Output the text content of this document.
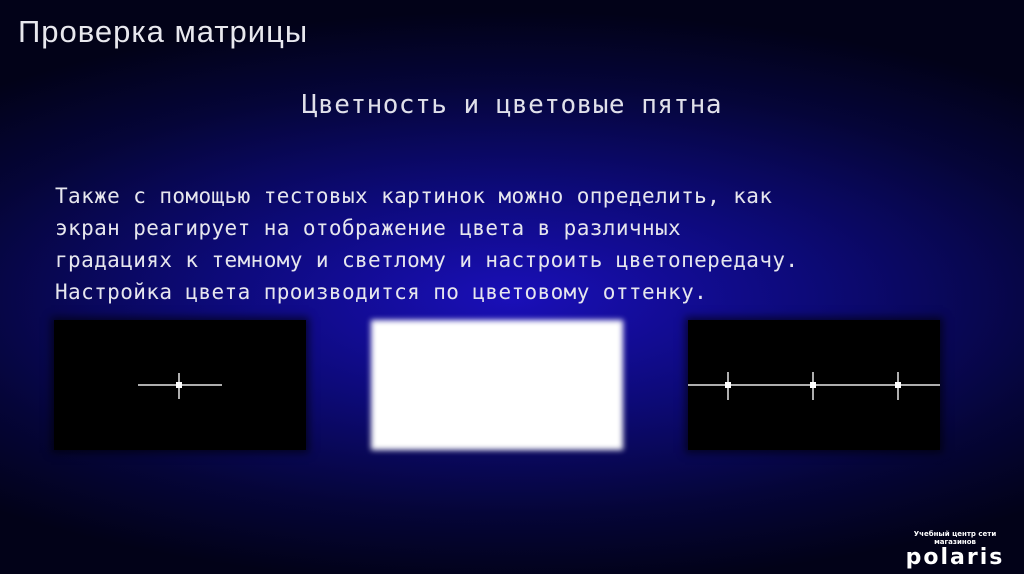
Проверка матрицы
Цветность и цветовые пятна
Также с помощью тестовых картинок можно определить, как
экран реагирует на отображение цвета в различных
градациях к темному и светлому и настроить цветопередачу.
Настройка цвета производится по цветовому оттенку.
Учебный центр сети магазинов
polaris
